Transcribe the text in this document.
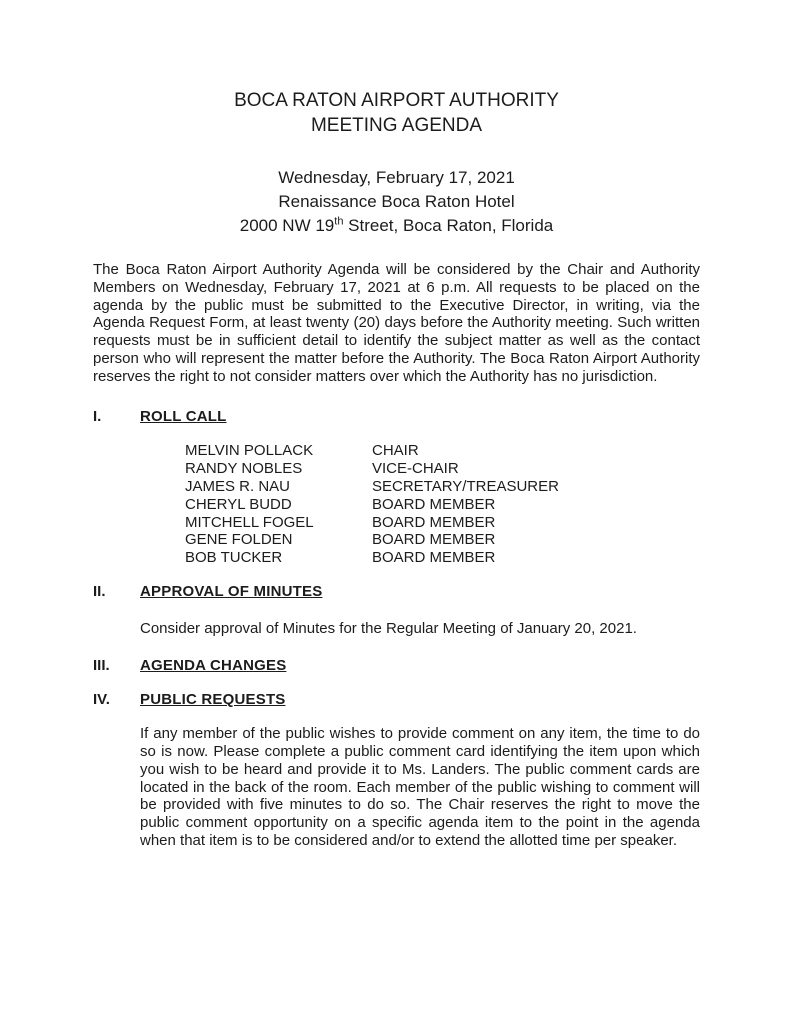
BOCA RATON AIRPORT AUTHORITY
MEETING AGENDA
Wednesday, February 17, 2021
Renaissance Boca Raton Hotel
2000 NW 19th Street, Boca Raton, Florida

The Boca Raton Airport Authority Agenda will be considered by the Chair and Authority Members on Wednesday, February 17, 2021 at 6 p.m. All requests to be placed on the agenda by the public must be submitted to the Executive Director, in writing, via the Agenda Request Form, at least twenty (20) days before the Authority meeting. Such written requests must be in sufficient detail to identify the subject matter as well as the contact person who will represent the matter before the Authority. The Boca Raton Airport Authority reserves the right to not consider matters over which the Authority has no jurisdiction.

I.	ROLL CALL
MELVIN POLLACK	CHAIR
RANDY NOBLES	VICE-CHAIR
JAMES R. NAU	SECRETARY/TREASURER
CHERYL BUDD	BOARD MEMBER
MITCHELL FOGEL	BOARD MEMBER
GENE FOLDEN	BOARD MEMBER
BOB TUCKER	BOARD MEMBER
II.	APPROVAL OF MINUTES

Consider approval of Minutes for the Regular Meeting of January 20, 2021.

III.	AGENDA CHANGES
IV.	PUBLIC REQUESTS

If any member of the public wishes to provide comment on any item, the time to do so is now. Please complete a public comment card identifying the item upon which you wish to be heard and provide it to Ms. Landers. The public comment cards are located in the back of the room. Each member of the public wishing to comment will be provided with five minutes to do so. The Chair reserves the right to move the public comment opportunity on a specific agenda item to the point in the agenda when that item is to be considered and/or to extend the allotted time per speaker.
